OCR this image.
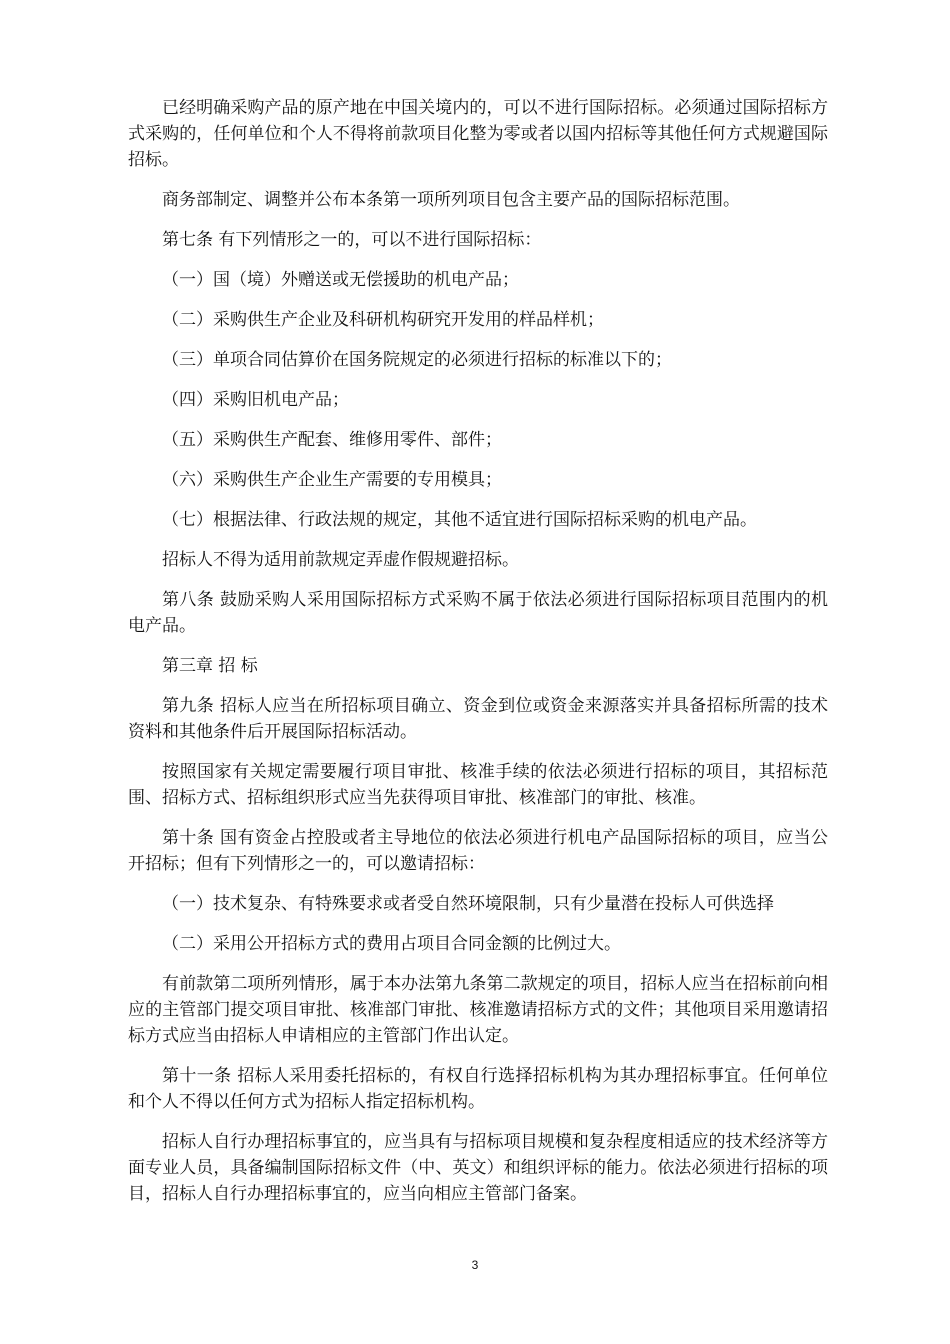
已经明确采购产品的原产地在中国关境内的，可以不进行国际招标。必须通过国际招标方式采购的，任何单位和个人不得将前款项目化整为零或者以国内招标等其他任何方式规避国际招标。

商务部制定、调整并公布本条第一项所列项目包含主要产品的国际招标范围。

第七条 有下列情形之一的，可以不进行国际招标：

（一）国（境）外赠送或无偿援助的机电产品；

（二）采购供生产企业及科研机构研究开发用的样品样机；

（三）单项合同估算价在国务院规定的必须进行招标的标准以下的；

（四）采购旧机电产品；

（五）采购供生产配套、维修用零件、部件；

（六）采购供生产企业生产需要的专用模具；

（七）根据法律、行政法规的规定，其他不适宜进行国际招标采购的机电产品。

招标人不得为适用前款规定弄虚作假规避招标。

第八条 鼓励采购人采用国际招标方式采购不属于依法必须进行国际招标项目范围内的机电产品。

第三章 招 标

第九条 招标人应当在所招标项目确立、资金到位或资金来源落实并具备招标所需的技术资料和其他条件后开展国际招标活动。

按照国家有关规定需要履行项目审批、核准手续的依法必须进行招标的项目，其招标范围、招标方式、招标组织形式应当先获得项目审批、核准部门的审批、核准。

第十条 国有资金占控股或者主导地位的依法必须进行机电产品国际招标的项目，应当公开招标；但有下列情形之一的，可以邀请招标：

（一）技术复杂、有特殊要求或者受自然环境限制，只有少量潜在投标人可供选择

（二）采用公开招标方式的费用占项目合同金额的比例过大。

有前款第二项所列情形，属于本办法第九条第二款规定的项目，招标人应当在招标前向相应的主管部门提交项目审批、核准部门审批、核准邀请招标方式的文件；其他项目采用邀请招标方式应当由招标人申请相应的主管部门作出认定。

第十一条 招标人采用委托招标的，有权自行选择招标机构为其办理招标事宜。任何单位和个人不得以任何方式为招标人指定招标机构。

招标人自行办理招标事宜的，应当具有与招标项目规模和复杂程度相适应的技术经济等方面专业人员，具备编制国际招标文件（中、英文）和组织评标的能力。依法必须进行招标的项目，招标人自行办理招标事宜的，应当向相应主管部门备案。

3
